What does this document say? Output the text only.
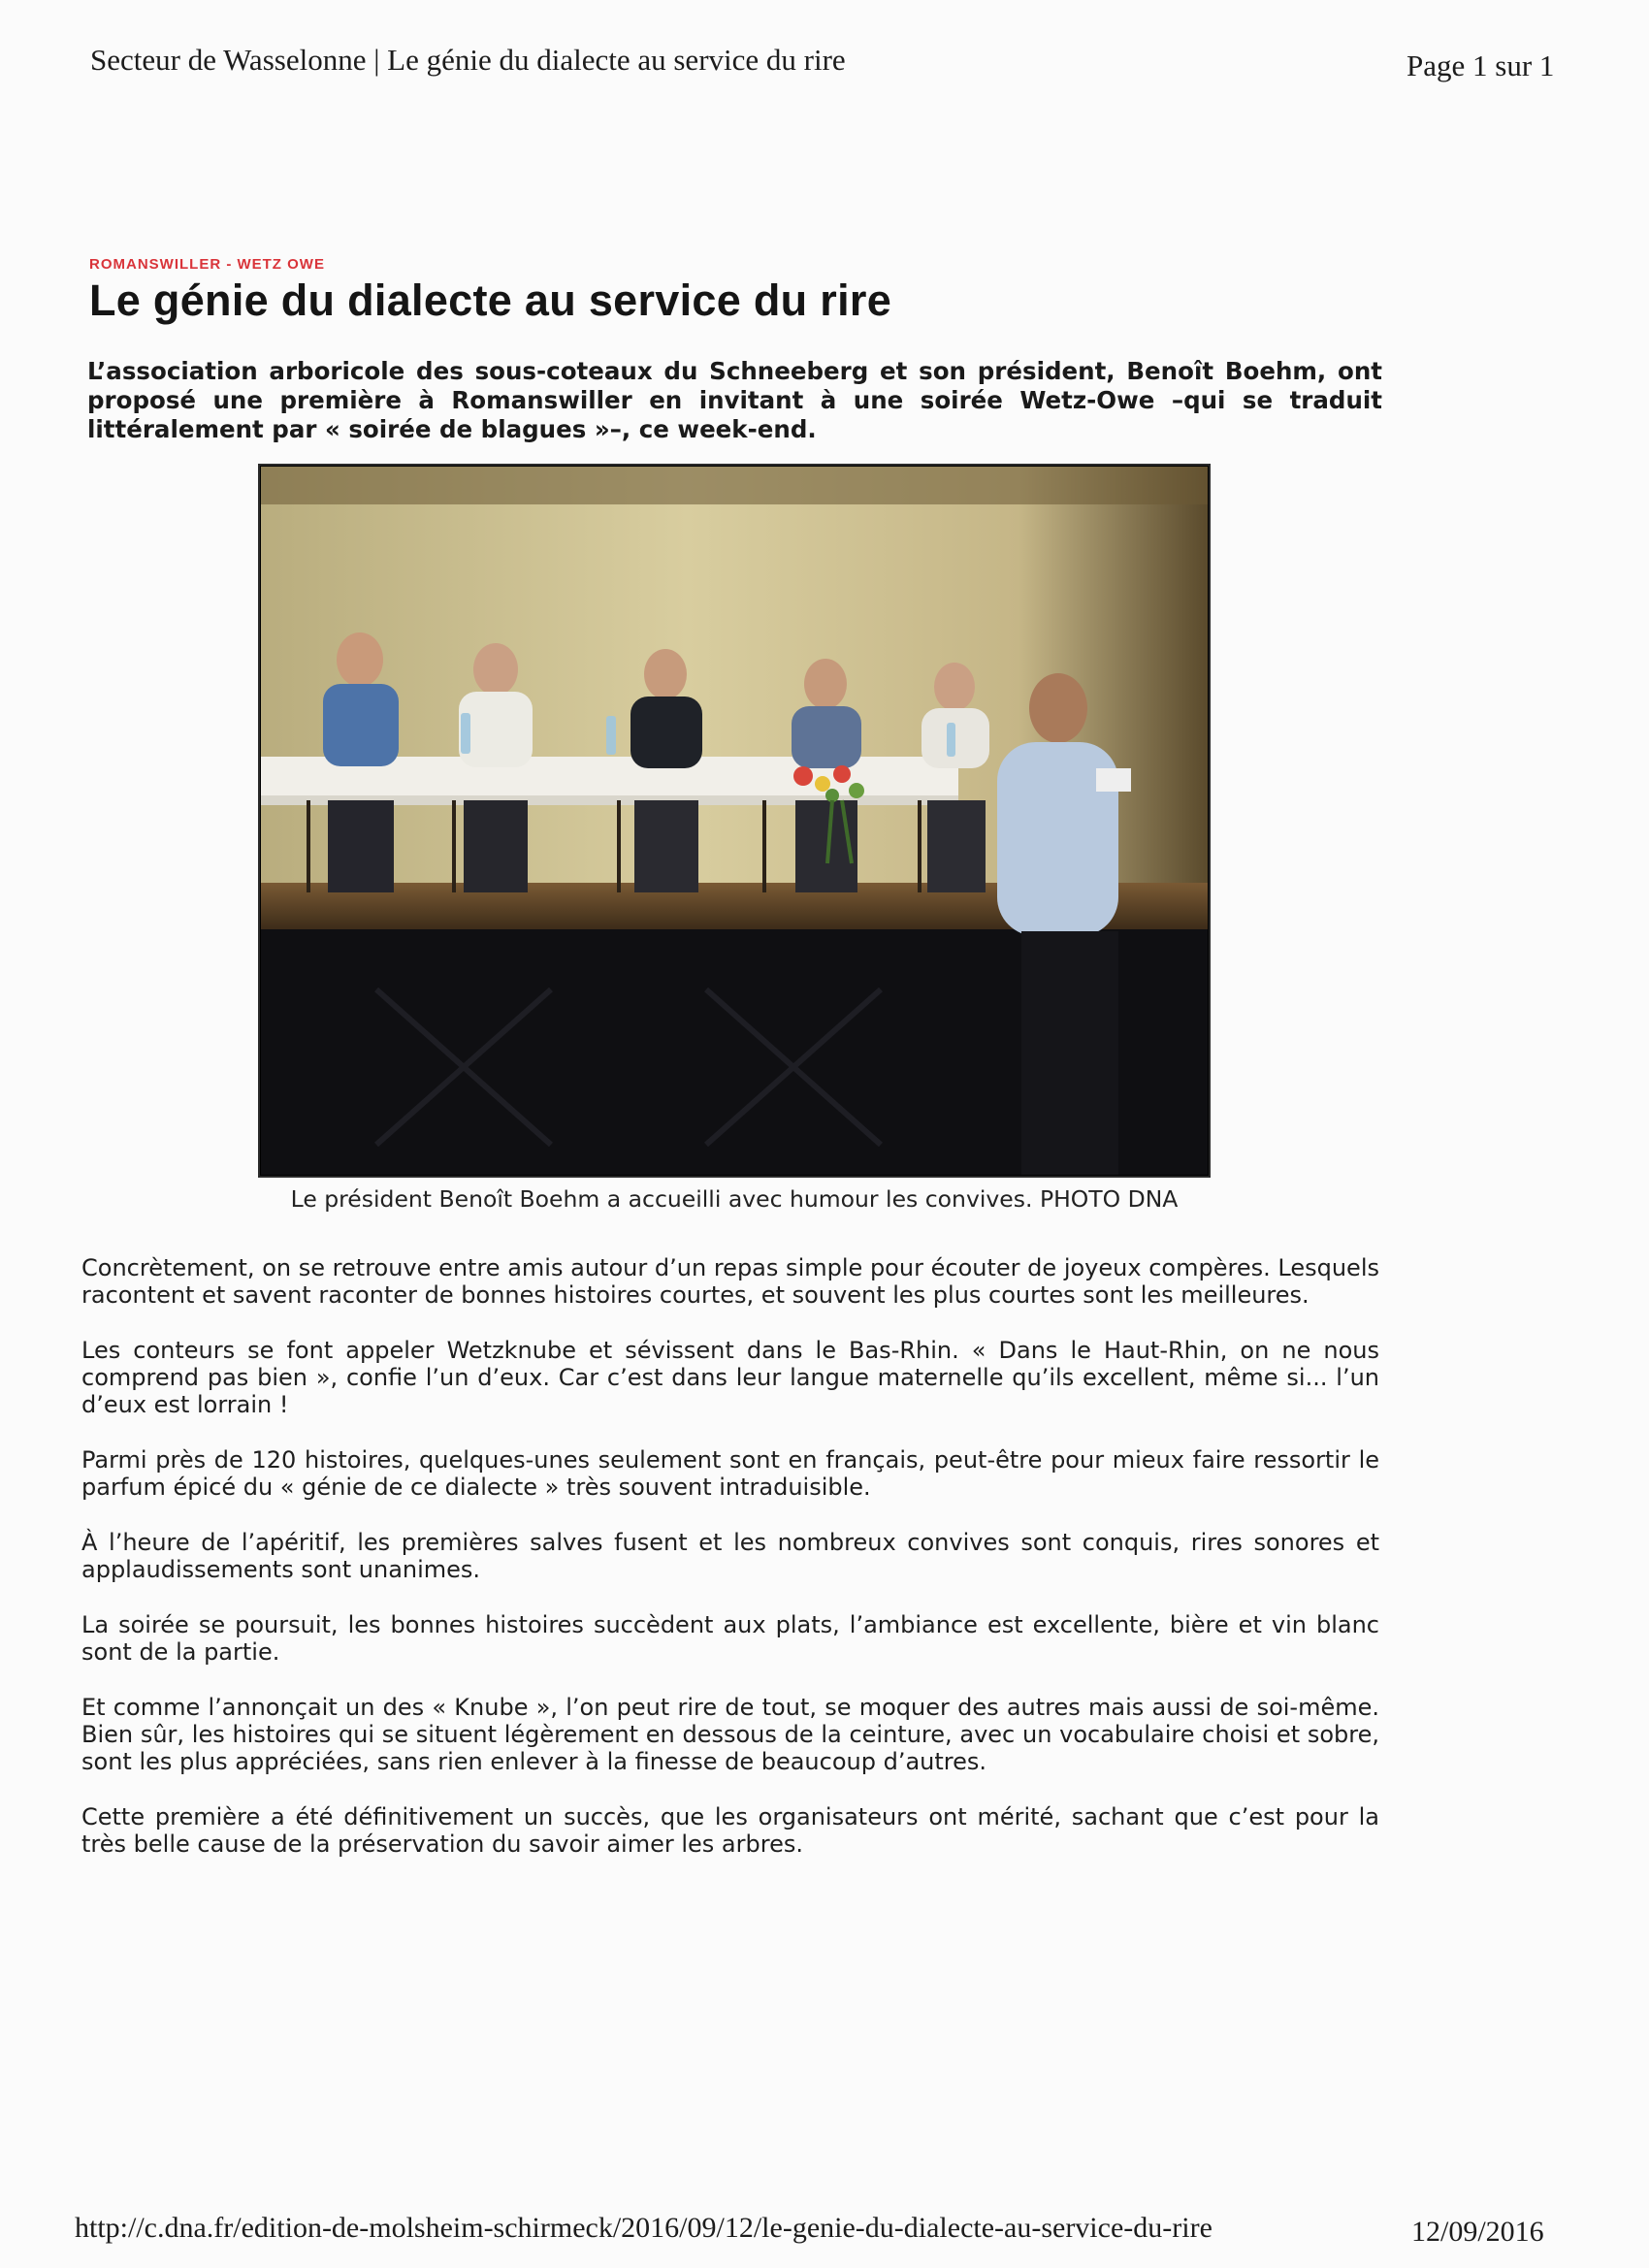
Secteur de Wasselonne | Le génie du dialecte au service du rire	Page 1 sur 1
ROMANSWILLER - WETZ OWE
Le génie du dialecte au service du rire

L’association arboricole des sous-coteaux du Schneeberg et son président, Benoît Boehm, ont proposé une première à Romanswiller en invitant à une soirée Wetz-Owe –qui se traduit littéralement par « soirée de blagues »–, ce week-end.

Le président Benoît Boehm a accueilli avec humour les convives. PHOTO DNA

Concrètement, on se retrouve entre amis autour d’un repas simple pour écouter de joyeux compères. Lesquels racontent et savent raconter de bonnes histoires courtes, et souvent les plus courtes sont les meilleures.

Les conteurs se font appeler Wetzknube et sévissent dans le Bas-Rhin. « Dans le Haut-Rhin, on ne nous comprend pas bien », confie l’un d’eux. Car c’est dans leur langue maternelle qu’ils excellent, même si... l’un d’eux est lorrain !

Parmi près de 120 histoires, quelques-unes seulement sont en français, peut-être pour mieux faire ressortir le parfum épicé du « génie de ce dialecte » très souvent intraduisible.

À l’heure de l’apéritif, les premières salves fusent et les nombreux convives sont conquis, rires sonores et applaudissements sont unanimes.

La soirée se poursuit, les bonnes histoires succèdent aux plats, l’ambiance est excellente, bière et vin blanc sont de la partie.

Et comme l’annonçait un des « Knube », l’on peut rire de tout, se moquer des autres mais aussi de soi-même. Bien sûr, les histoires qui se situent légèrement en dessous de la ceinture, avec un vocabulaire choisi et sobre, sont les plus appréciées, sans rien enlever à la finesse de beaucoup d’autres.

Cette première a été définitivement un succès, que les organisateurs ont mérité, sachant que c’est pour la très belle cause de la préservation du savoir aimer les arbres.

http://c.dna.fr/edition-de-molsheim-schirmeck/2016/09/12/le-genie-du-dialecte-au-service-du-rire	12/09/2016
